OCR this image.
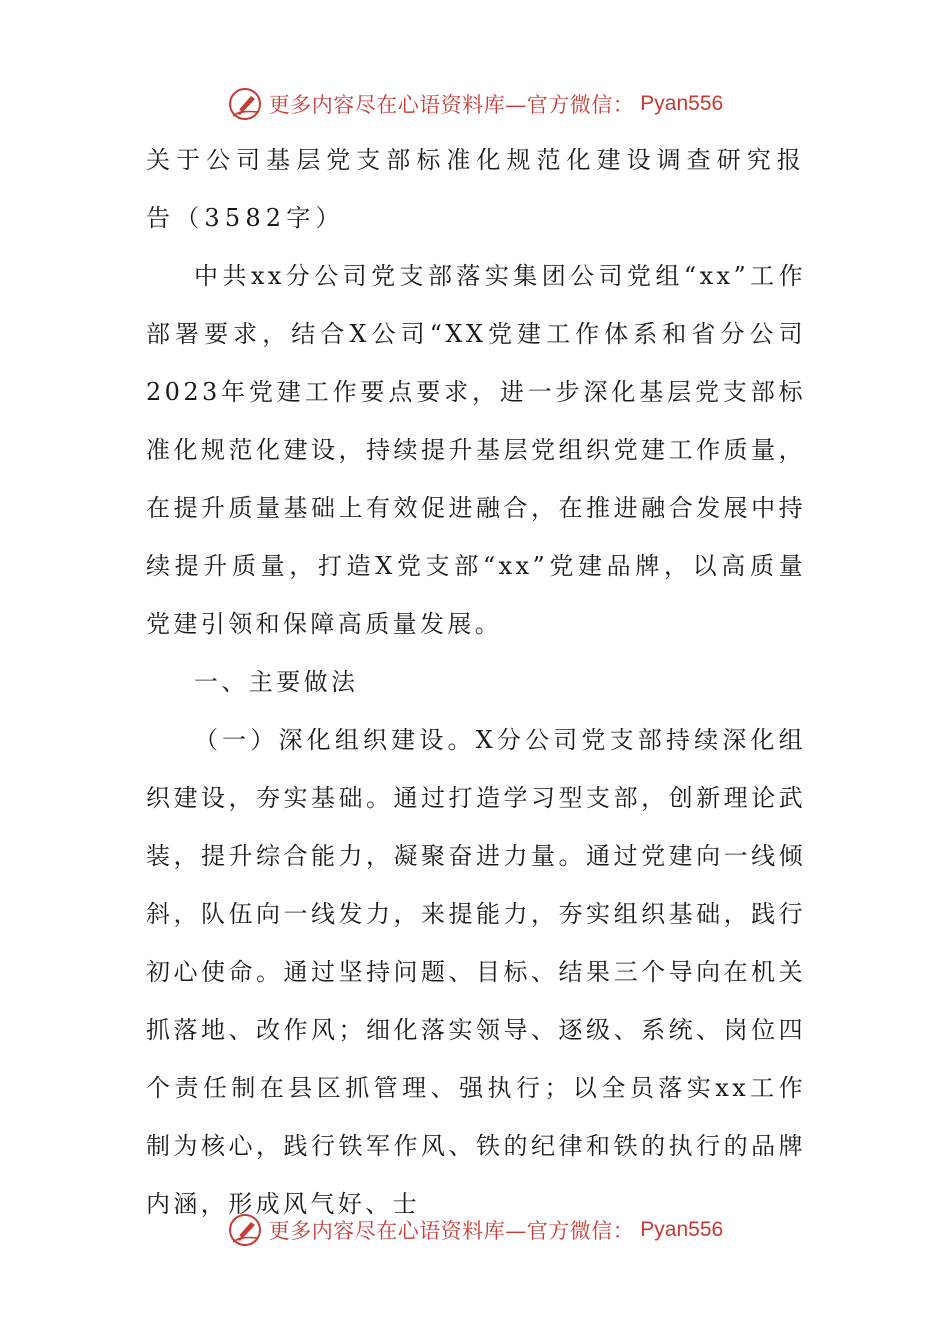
更多内容尽在心语资料库—官方微信： Pyan556

关于公司基层党支部标准化规范化建设调查研究报告（3582字）

中共xx分公司党支部落实集团公司党组“xx”工作部署要求，结合X公司“XX党建工作体系和省分公司2023年党建工作要点要求，进一步深化基层党支部标准化规范化建设，持续提升基层党组织党建工作质量，在提升质量基础上有效促进融合，在推进融合发展中持续提升质量，打造X党支部“xx”党建品牌，以高质量党建引领和保障高质量发展。

一、主要做法

（一）深化组织建设。X分公司党支部持续深化组织建设，夯实基础。通过打造学习型支部，创新理论武装，提升综合能力，凝聚奋进力量。通过党建向一线倾斜，队伍向一线发力，来提能力，夯实组织基础，践行初心使命。通过坚持问题、目标、结果三个导向在机关抓落地、改作风；细化落实领导、逐级、系统、岗位四个责任制在县区抓管理、强执行；以全员落实xx工作制为核心，践行铁军作风、铁的纪律和铁的执行的品牌内涵，形成风气好、士

更多内容尽在心语资料库—官方微信： Pyan556
